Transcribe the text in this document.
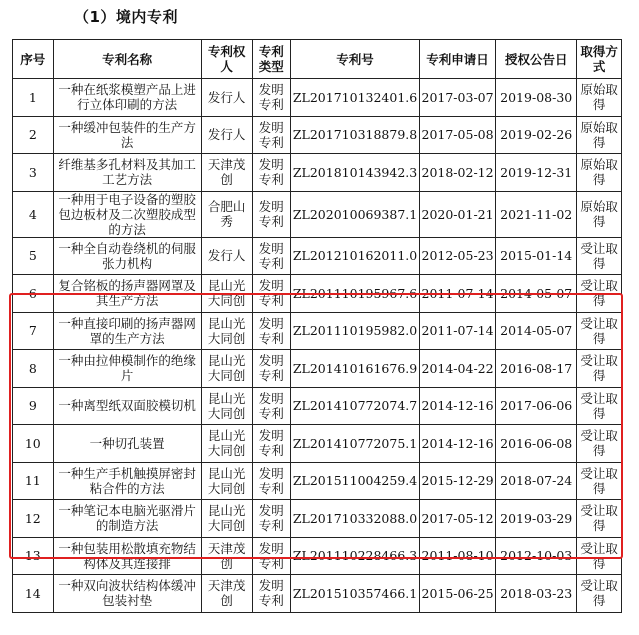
（1）境内专利
序号	专利名称	专利权人	专利类型	专利号	专利申请日	授权公告日	取得方式
1	一种在纸浆模塑产品上进行立体印刷的方法	发行人	发明专利	ZL201710132401.6	2017-03-07	2019-08-30	原始取得
2	一种缓冲包装件的生产方法	发行人	发明专利	ZL201710318879.8	2017-05-08	2019-02-26	原始取得
3	纤维基多孔材料及其加工工艺方法	天津茂创	发明专利	ZL201810143942.3	2018-02-12	2019-12-31	原始取得
4	一种用于电子设备的塑胶包边板材及二次塑胶成型的方法	合肥山秀	发明专利	ZL202010069387.1	2020-01-21	2021-11-02	原始取得
5	一种全自动卷绕机的伺服张力机构	发行人	发明专利	ZL201210162011.0	2012-05-23	2015-01-14	受让取得
6	复合铭板的扬声器网罩及其生产方法	昆山光大同创	发明专利	ZL201110195967.6	2011-07-14	2014-05-07	受让取得
7	一种直接印刷的扬声器网罩的生产方法	昆山光大同创	发明专利	ZL201110195982.0	2011-07-14	2014-05-07	受让取得
8	一种由拉伸模制作的绝缘片	昆山光大同创	发明专利	ZL201410161676.9	2014-04-22	2016-08-17	受让取得
9	一种离型纸双面胶模切机	昆山光大同创	发明专利	ZL201410772074.7	2014-12-16	2017-06-06	受让取得
10	一种切孔装置	昆山光大同创	发明专利	ZL201410772075.1	2014-12-16	2016-06-08	受让取得
11	一种生产手机触摸屏密封粘合件的方法	昆山光大同创	发明专利	ZL201511004259.4	2015-12-29	2018-07-24	受让取得
12	一种笔记本电脑光驱滑片的制造方法	昆山光大同创	发明专利	ZL201710332088.0	2017-05-12	2019-03-29	受让取得
13	一种包装用松散填充物结构体及其连接排	天津茂创	发明专利	ZL201110228466.3	2011-08-10	2012-10-03	受让取得
14	一种双向波状结构体缓冲包装衬垫	天津茂创	发明专利	ZL201510357466.1	2015-06-25	2018-03-23	受让取得
